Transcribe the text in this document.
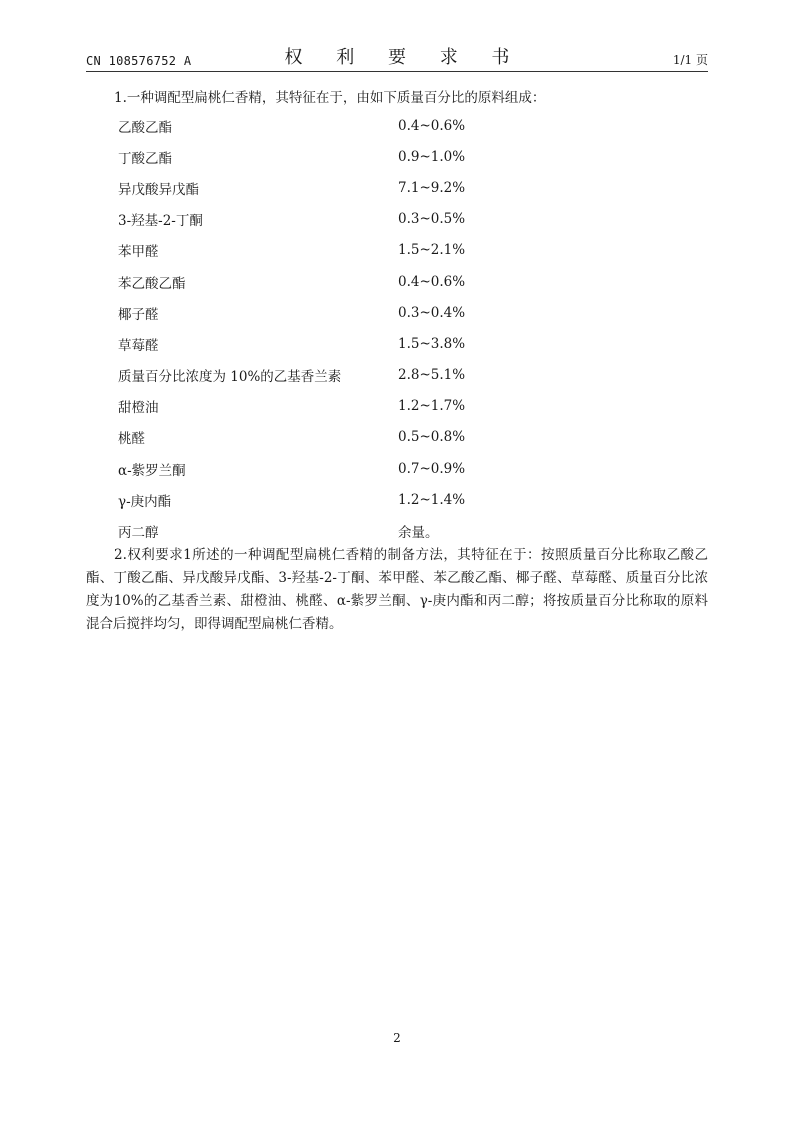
CN 108576752 A	权 利 要 求 书	1/1 页

1.一种调配型扁桃仁香精，其特征在于，由如下质量百分比的原料组成：

乙酸乙酯	0.4~0.6%
丁酸乙酯	0.9~1.0%
异戊酸异戊酯	7.1~9.2%
3-羟基-2-丁酮	0.3~0.5%
苯甲醛	1.5~2.1%
苯乙酸乙酯	0.4~0.6%
椰子醛	0.3~0.4%
草莓醛	1.5~3.8%
质量百分比浓度为 10%的乙基香兰素	2.8~5.1%
甜橙油	1.2~1.7%
桃醛	0.5~0.8%
α-紫罗兰酮	0.7~0.9%
γ-庚内酯	1.2~1.4%
丙二醇	余量。

2.权利要求1所述的一种调配型扁桃仁香精的制备方法，其特征在于：按照质量百分比称取乙酸乙酯、丁酸乙酯、异戊酸异戊酯、3-羟基-2-丁酮、苯甲醛、苯乙酸乙酯、椰子醛、草莓醛、质量百分比浓度为10%的乙基香兰素、甜橙油、桃醛、α-紫罗兰酮、γ-庚内酯和丙二醇；将按质量百分比称取的原料混合后搅拌均匀，即得调配型扁桃仁香精。

2
